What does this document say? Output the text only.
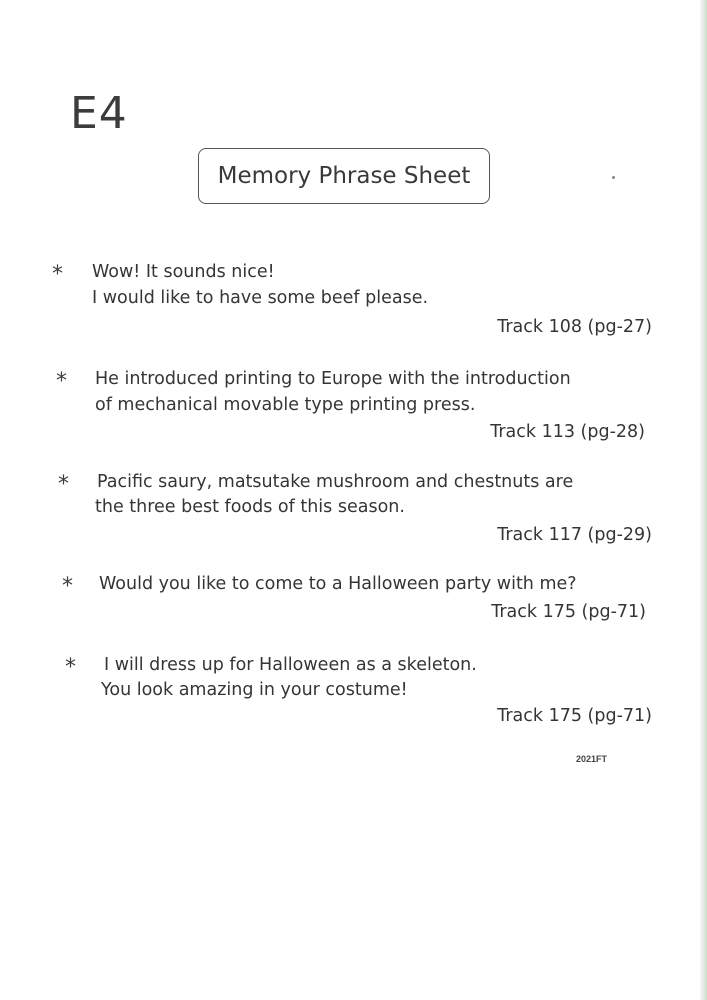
E4
Memory Phrase Sheet
* Wow! It sounds nice!
I would like to have some beef please.
Track 108 (pg-27)
* He introduced printing to Europe with the introduction
of mechanical movable type printing press.
Track 113 (pg-28)
* Pacific saury, matsutake mushroom and chestnuts are
the three best foods of this season.
Track 117 (pg-29)
* Would you like to come to a Halloween party with me?
Track 175 (pg-71)
* I will dress up for Halloween as a skeleton.
You look amazing in your costume!
Track 175 (pg-71)
2021FT
